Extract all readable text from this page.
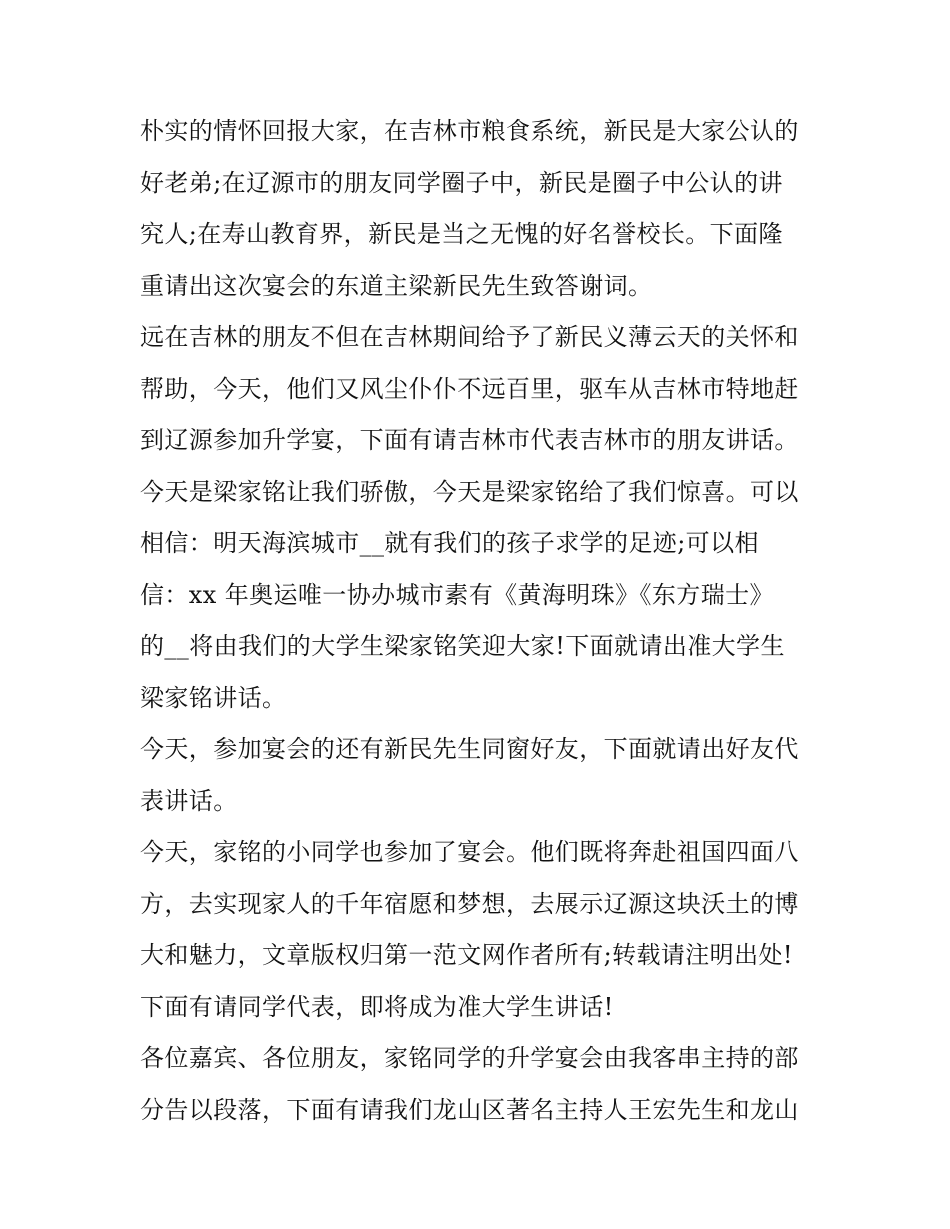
朴实的情怀回报大家，在吉林市粮食系统，新民是大家公认的
好老弟;在辽源市的朋友同学圈子中，新民是圈子中公认的讲
究人;在寿山教育界，新民是当之无愧的好名誉校长。下面隆
重请出这次宴会的东道主梁新民先生致答谢词。
远在吉林的朋友不但在吉林期间给予了新民义薄云天的关怀和
帮助，今天，他们又风尘仆仆不远百里，驱车从吉林市特地赶
到辽源参加升学宴，下面有请吉林市代表吉林市的朋友讲话。
今天是梁家铭让我们骄傲，今天是梁家铭给了我们惊喜。可以
相信：明天海滨城市__就有我们的孩子求学的足迹;可以相
信：xx 年奥运唯一协办城市素有《黄海明珠》《东方瑞士》
的__将由我们的大学生梁家铭笑迎大家!下面就请出准大学生
梁家铭讲话。
今天，参加宴会的还有新民先生同窗好友，下面就请出好友代
表讲话。
今天，家铭的小同学也参加了宴会。他们既将奔赴祖国四面八
方，去实现家人的千年宿愿和梦想，去展示辽源这块沃土的博
大和魅力，文章版权归第一范文网作者所有;转载请注明出处!
下面有请同学代表，即将成为准大学生讲话!
各位嘉宾、各位朋友，家铭同学的升学宴会由我客串主持的部
分告以段落，下面有请我们龙山区著名主持人王宏先生和龙山
